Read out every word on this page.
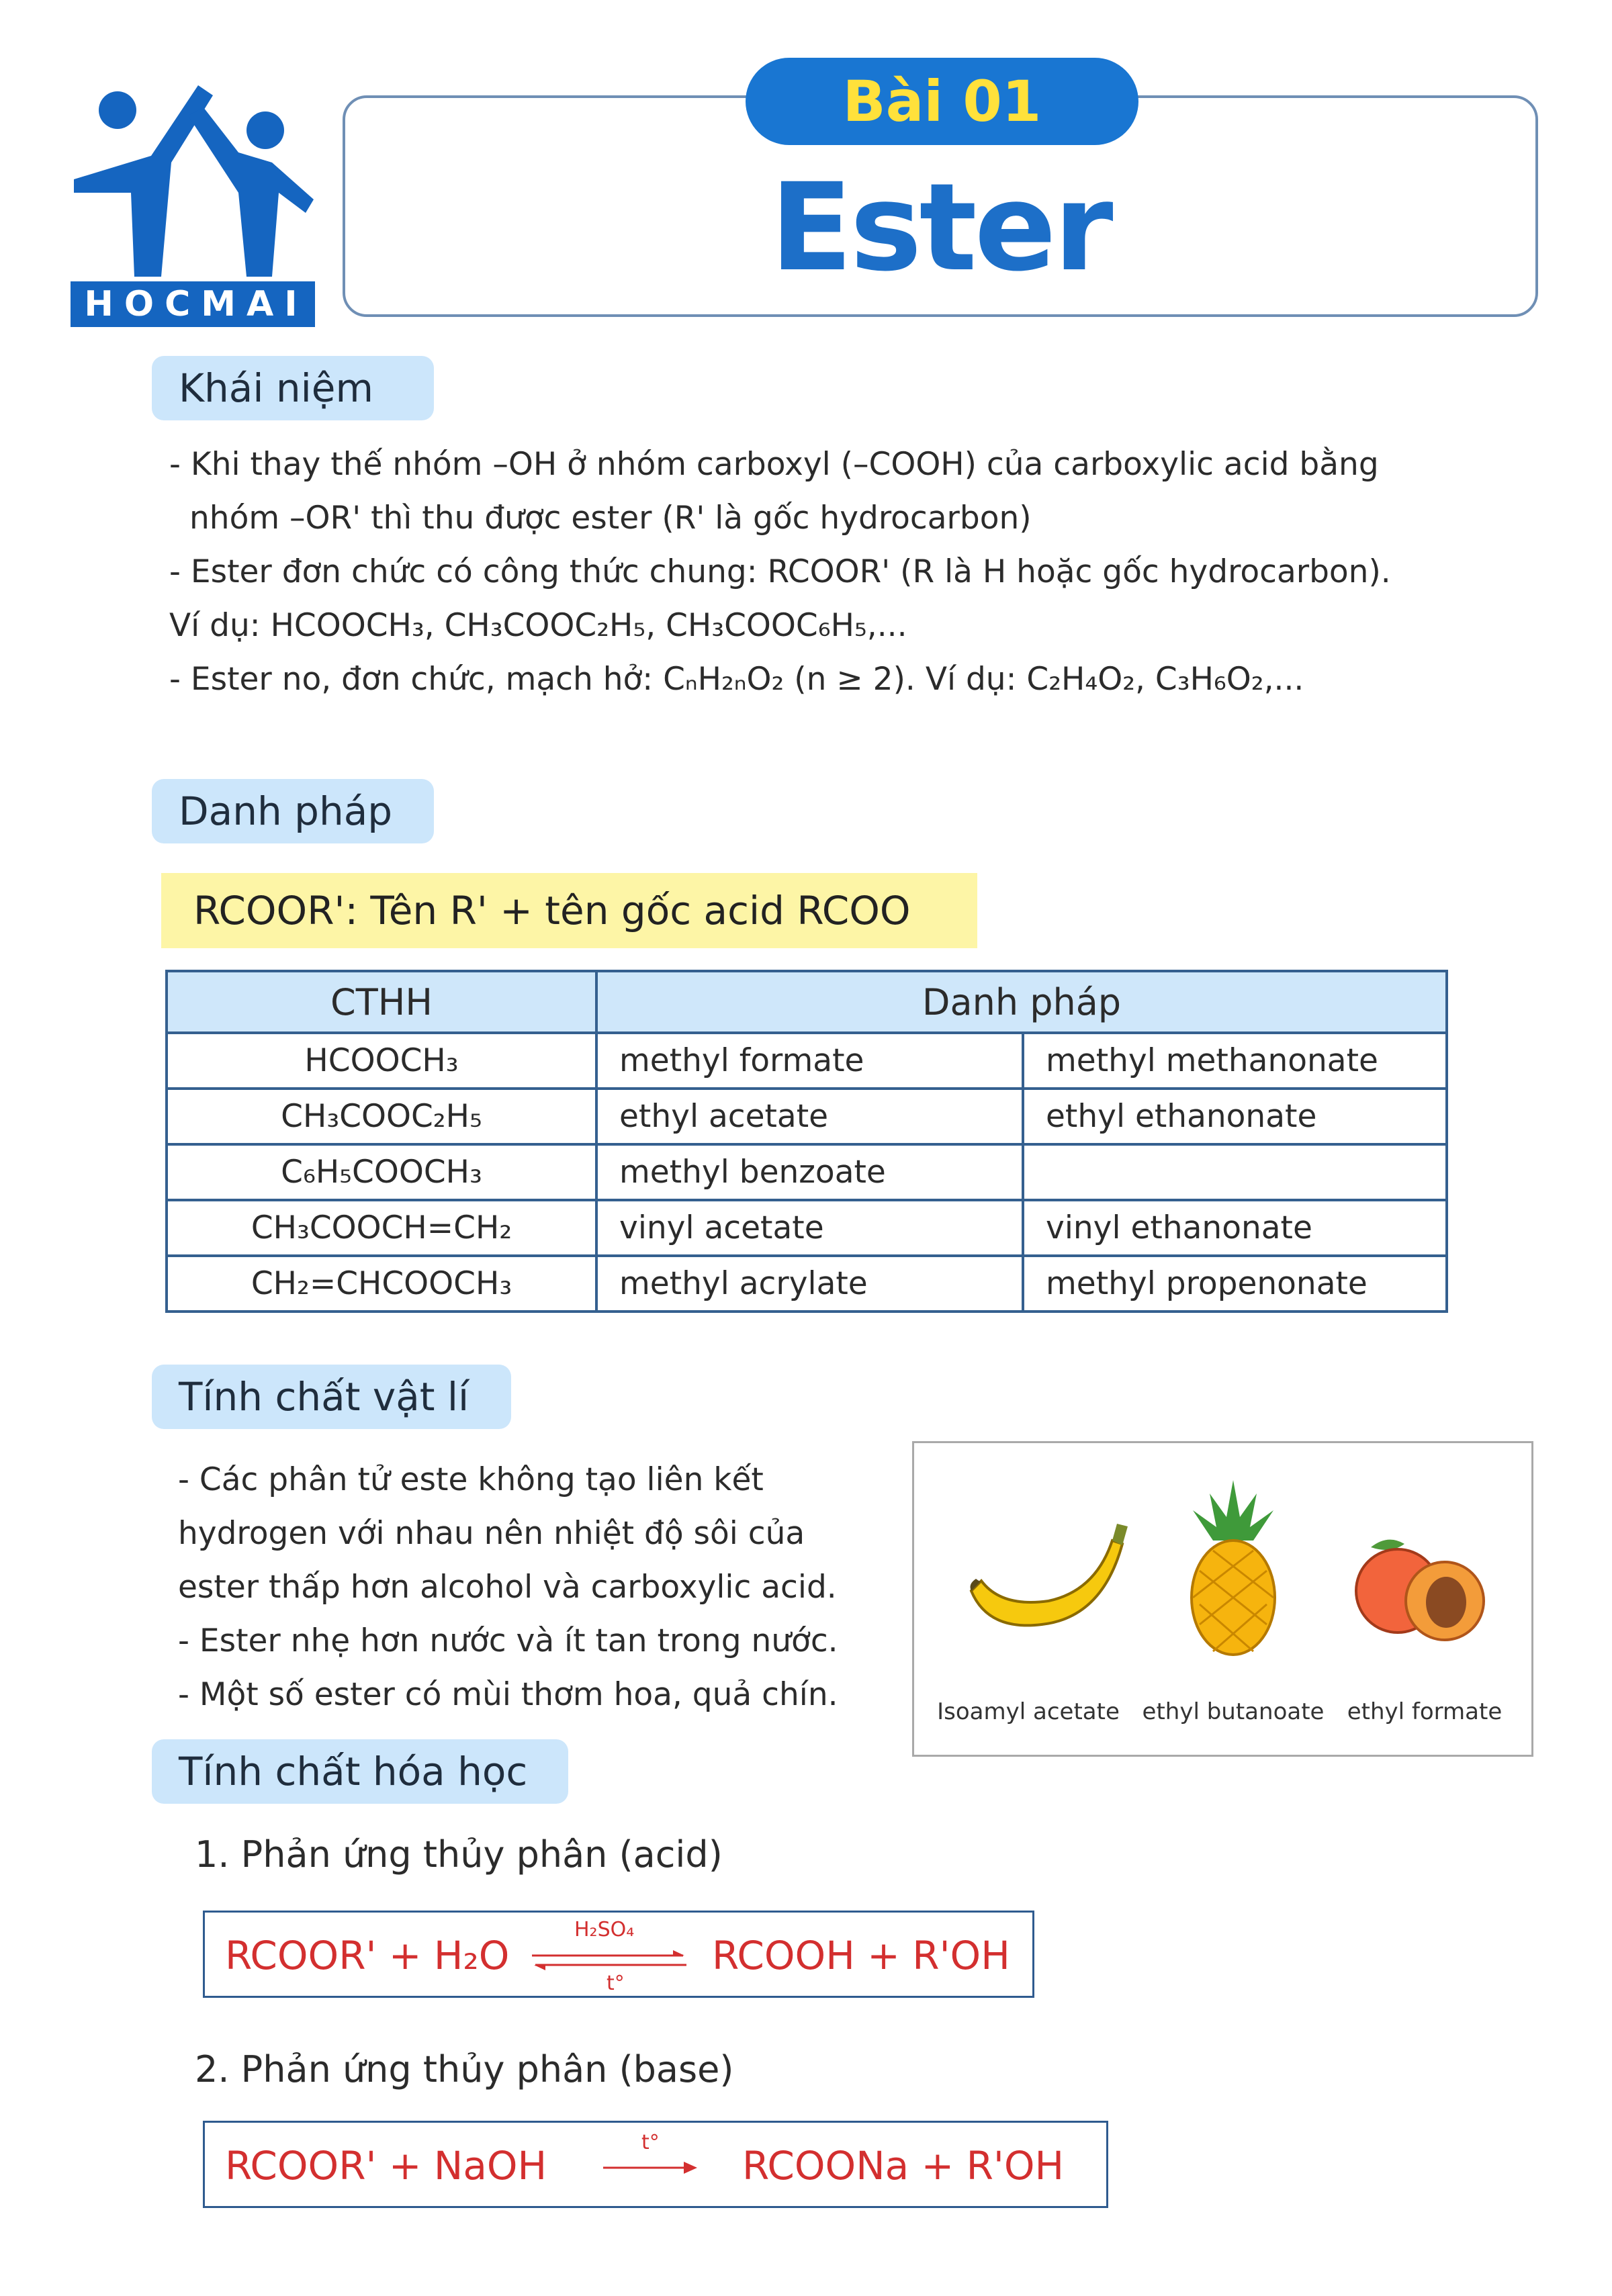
HOCMAI
Bài 01
Ester
Khái niệm
- Khi thay thế nhóm –OH ở nhóm carboxyl (–COOH) của carboxylic acid bằng
nhóm –OR' thì thu được ester (R' là gốc hydrocarbon)
- Ester đơn chức có công thức chung: RCOOR' (R là H hoặc gốc hydrocarbon).
Ví dụ: HCOOCH₃, CH₃COOC₂H₅, CH₃COOC₆H₅,...
- Ester no, đơn chức, mạch hở: CₙH₂ₙO₂ (n ≥ 2). Ví dụ: C₂H₄O₂, C₃H₆O₂,...
Danh pháp
RCOOR': Tên R' + tên gốc acid RCOO
CTHH	Danh pháp	
HCOOCH₃	methyl formate	methyl methanonate
CH₃COOC₂H₅	ethyl acetate	ethyl ethanonate
C₆H₅COOCH₃	methyl benzoate	
CH₃COOCH=CH₂	vinyl acetate	vinyl ethanonate
CH₂=CHCOOCH₃	methyl acrylate	methyl propenonate
Tính chất vật lí
- Các phân tử este không tạo liên kết
hydrogen với nhau nên nhiệt độ sôi của
ester thấp hơn alcohol và carboxylic acid.
- Ester nhẹ hơn nước và ít tan trong nước.
- Một số ester có mùi thơm hoa, quả chín.	Isoamyl acetate ethyl butanoate	ethyl formate
Tính chất hóa học
1. Phản ứng thủy phân (acid)
RCOOR' + H₂O
H₂SO₄
t°
RCOOH + R'OH
2. Phản ứng thủy phân (base)
RCOOR' + NaOH
t°
RCOONa + R'OH
